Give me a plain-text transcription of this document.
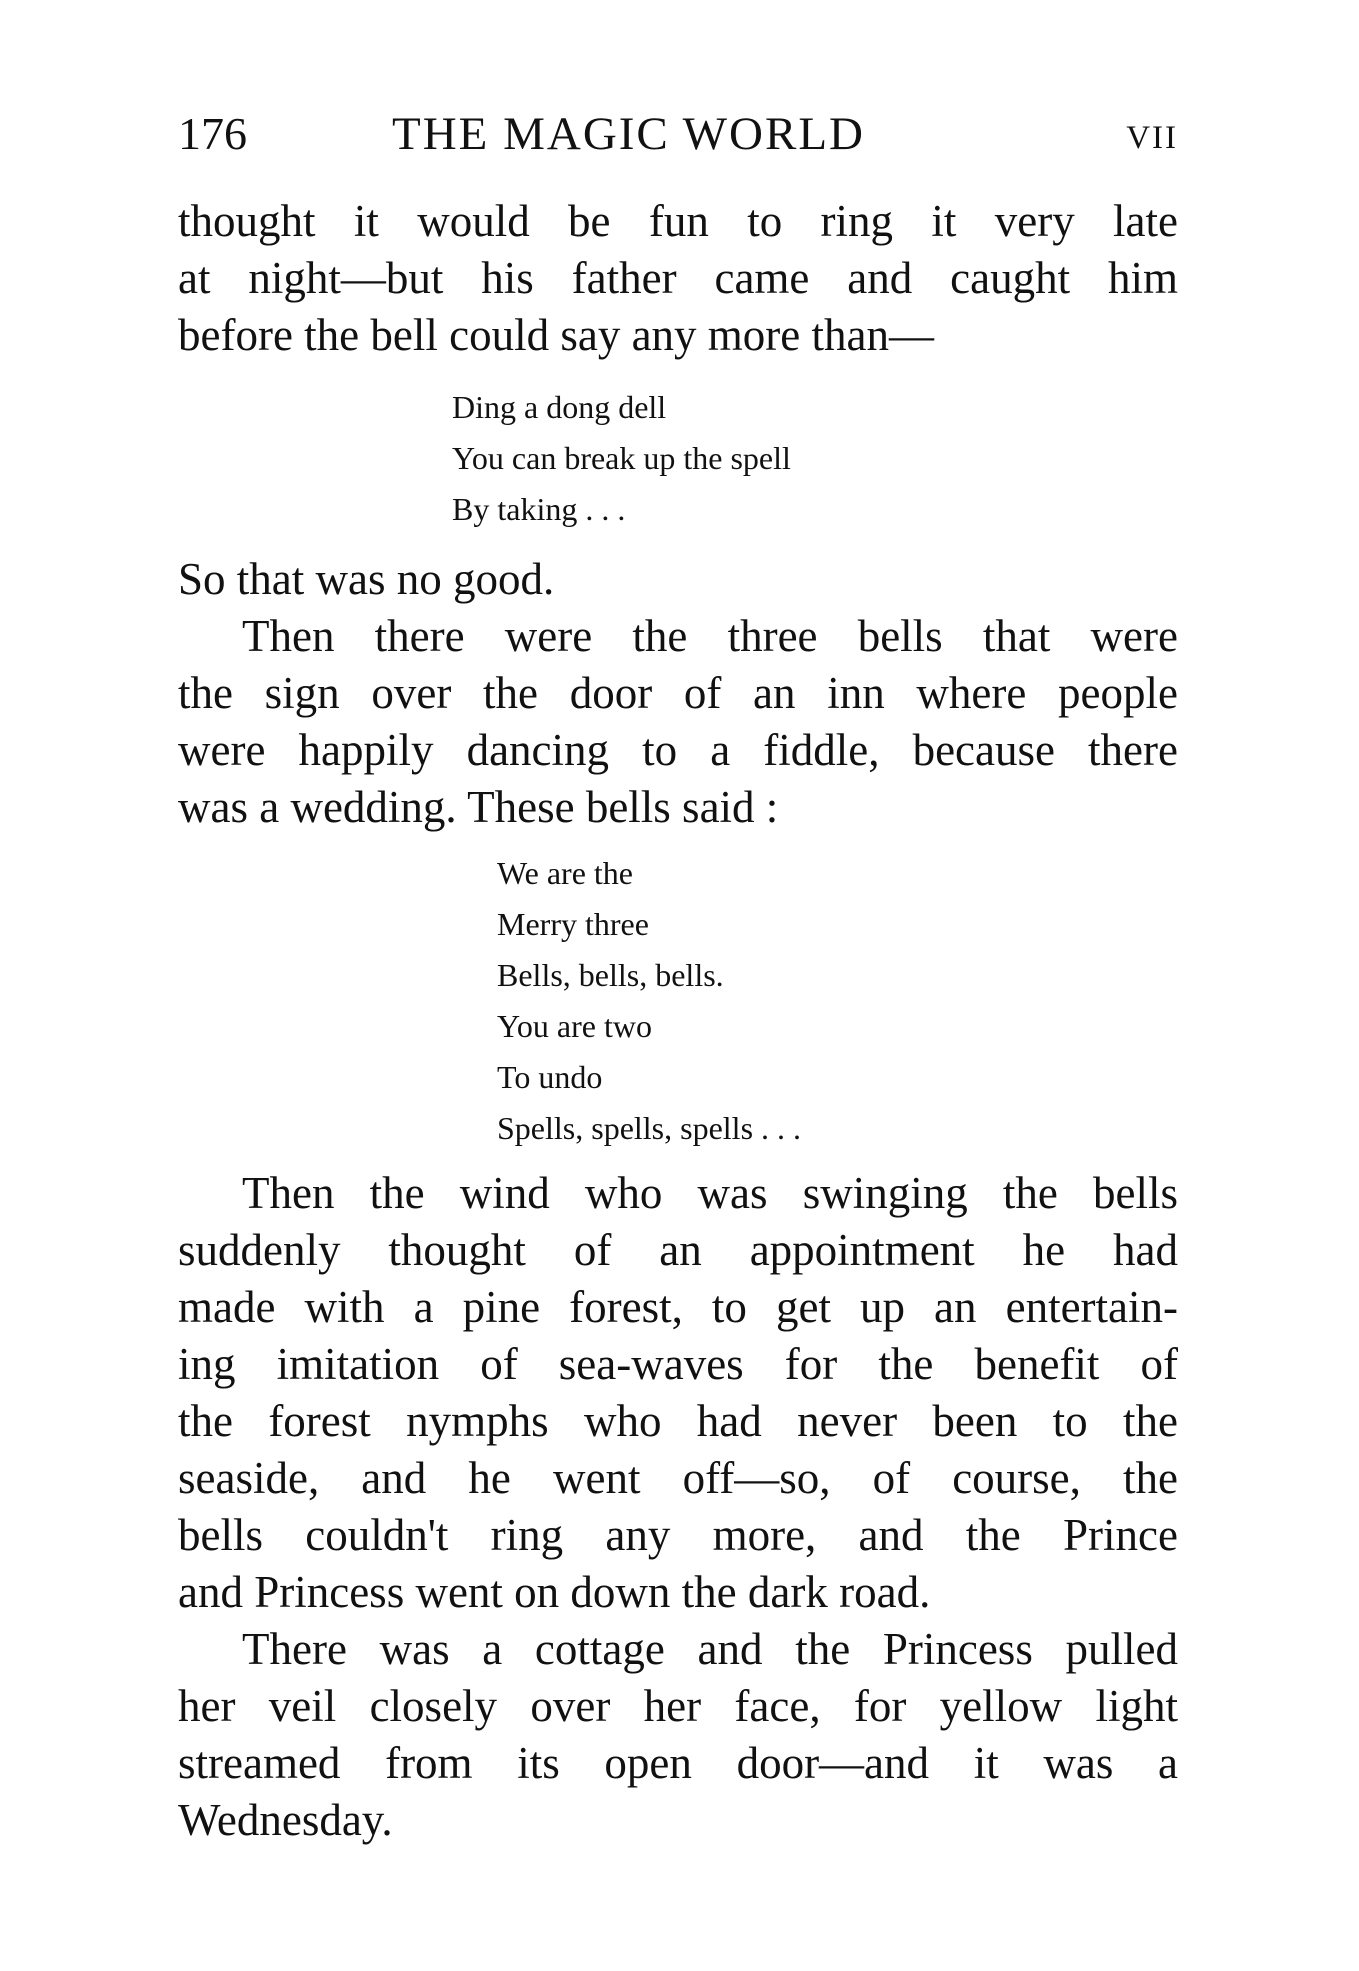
176	THE MAGIC WORLD	VII
thought it would be fun to ring it very late
at night—but his father came and caught him
before the bell could say any more than—
Ding a dong dell
You can break up the spell
By taking . . .
So that was no good.
Then there were the three bells that were
the sign over the door of an inn where people
were happily dancing to a fiddle, because there
was a wedding. These bells said :
We are the
Merry three
Bells, bells, bells.
You are two
To undo
Spells, spells, spells . . .
Then the wind who was swinging the bells
suddenly thought of an appointment he had
made with a pine forest, to get up an entertain-
ing imitation of sea-waves for the benefit of
the forest nymphs who had never been to the
seaside, and he went off—so, of course, the
bells couldn't ring any more, and the Prince
and Princess went on down the dark road.
There was a cottage and the Princess pulled
her veil closely over her face, for yellow light
streamed from its open door—and it was a
Wednesday.
